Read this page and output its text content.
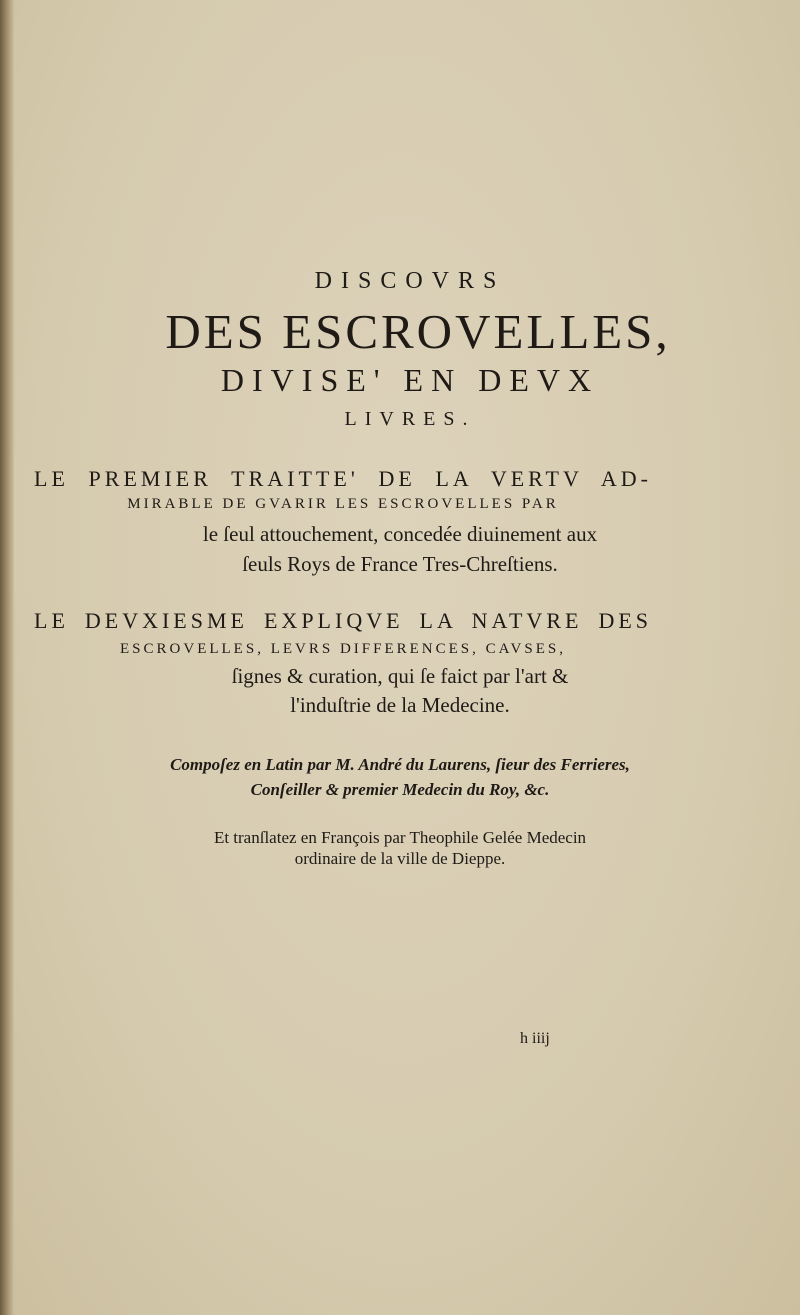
DISCOVRS
DES ESCROVELLES,
DIVISE' EN DEVX
LIVRES.
LE PREMIER TRAITTE' DE LA VERTV AD-
MIRABLE DE GVARIR LES ESCROVELLES PAR
le ſeul attouchement, concedée diuinement aux
ſeuls Roys de France Tres-Chreſtiens.
LE DEVXIESME EXPLIQVE LA NATVRE DES
ESCROVELLES, LEVRS DIFFERENCES, CAVSES,
ſignes & curation, qui ſe faict par l'art &
l'induſtrie de la Medecine.
Compoſez en Latin par M. André du Laurens, ſieur des Ferrieres,
Conſeiller & premier Medecin du Roy, &c.
Et tranſlatez en François par Theophile Gelée Medecin
ordinaire de la ville de Dieppe.
h iiij
